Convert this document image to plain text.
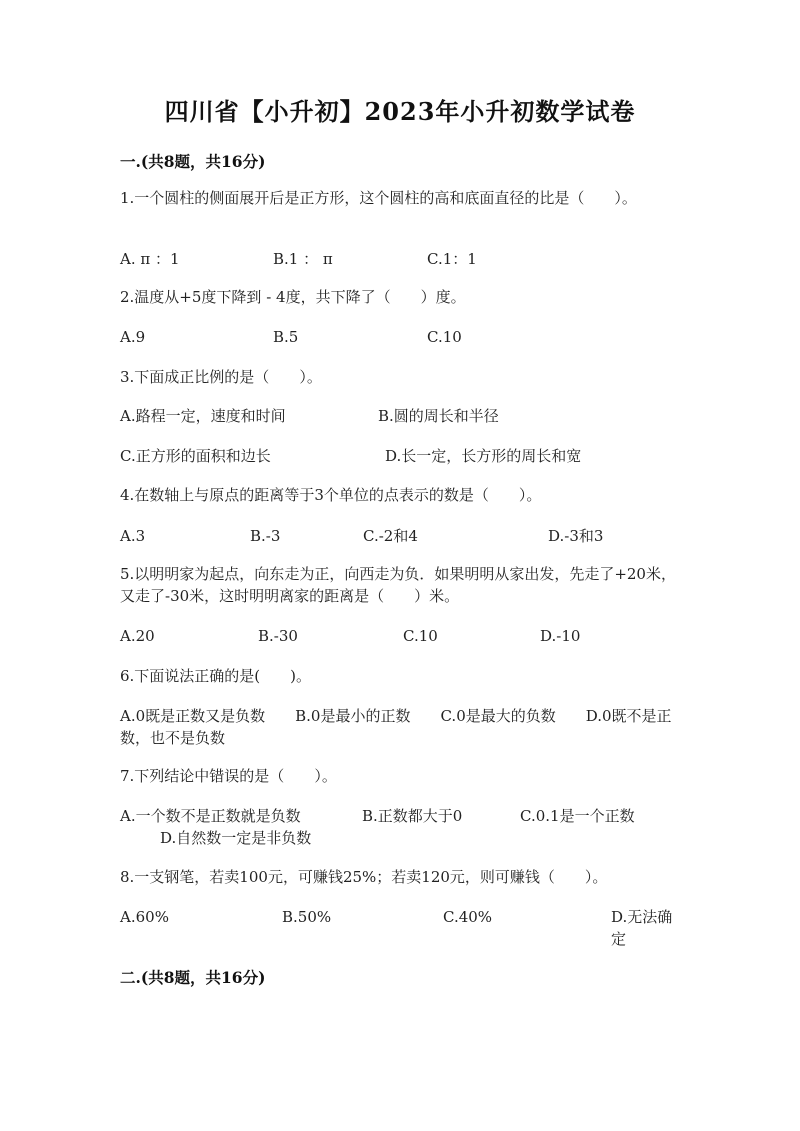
四川省【小升初】2023年小升初数学试卷
一.(共8题，共16分)
1.一个圆柱的侧面展开后是正方形，这个圆柱的高和底面直径的比是（　　）。
A. π ：1	B.1 ： π	C.1：1
2.温度从+5度下降到 - 4度，共下降了（　　）度。
A.9	B.5	C.10
3.下面成正比例的是（　　）。
A.路程一定，速度和时间	B.圆的周长和半径
C.正方形的面积和边长	D.长一定，长方形的周长和宽
4.在数轴上与原点的距离等于3个单位的点表示的数是（　　）。
A.3	B.-3	C.-2和4	D.-3和3
5.以明明家为起点，向东走为正，向西走为负．如果明明从家出发，先走了+20米，又走了-30米，这时明明离家的距离是（　　）米。
A.20	B.-30	C.10	D.-10
6.下面说法正确的是(　　)。
A.0既是正数又是负数　　B.0是最小的正数　　C.0是最大的负数　　D.0既不是正数，也不是负数
7.下列结论中错误的是（　　）。
A.一个数不是正数就是负数	B.正数都大于0	C.0.1是一个正数
D.自然数一定是非负数
8.一支钢笔，若卖100元，可赚钱25%；若卖120元，则可赚钱（　　）。
A.60%	B.50%	C.40%	D.无法确定
二.(共8题，共16分)
